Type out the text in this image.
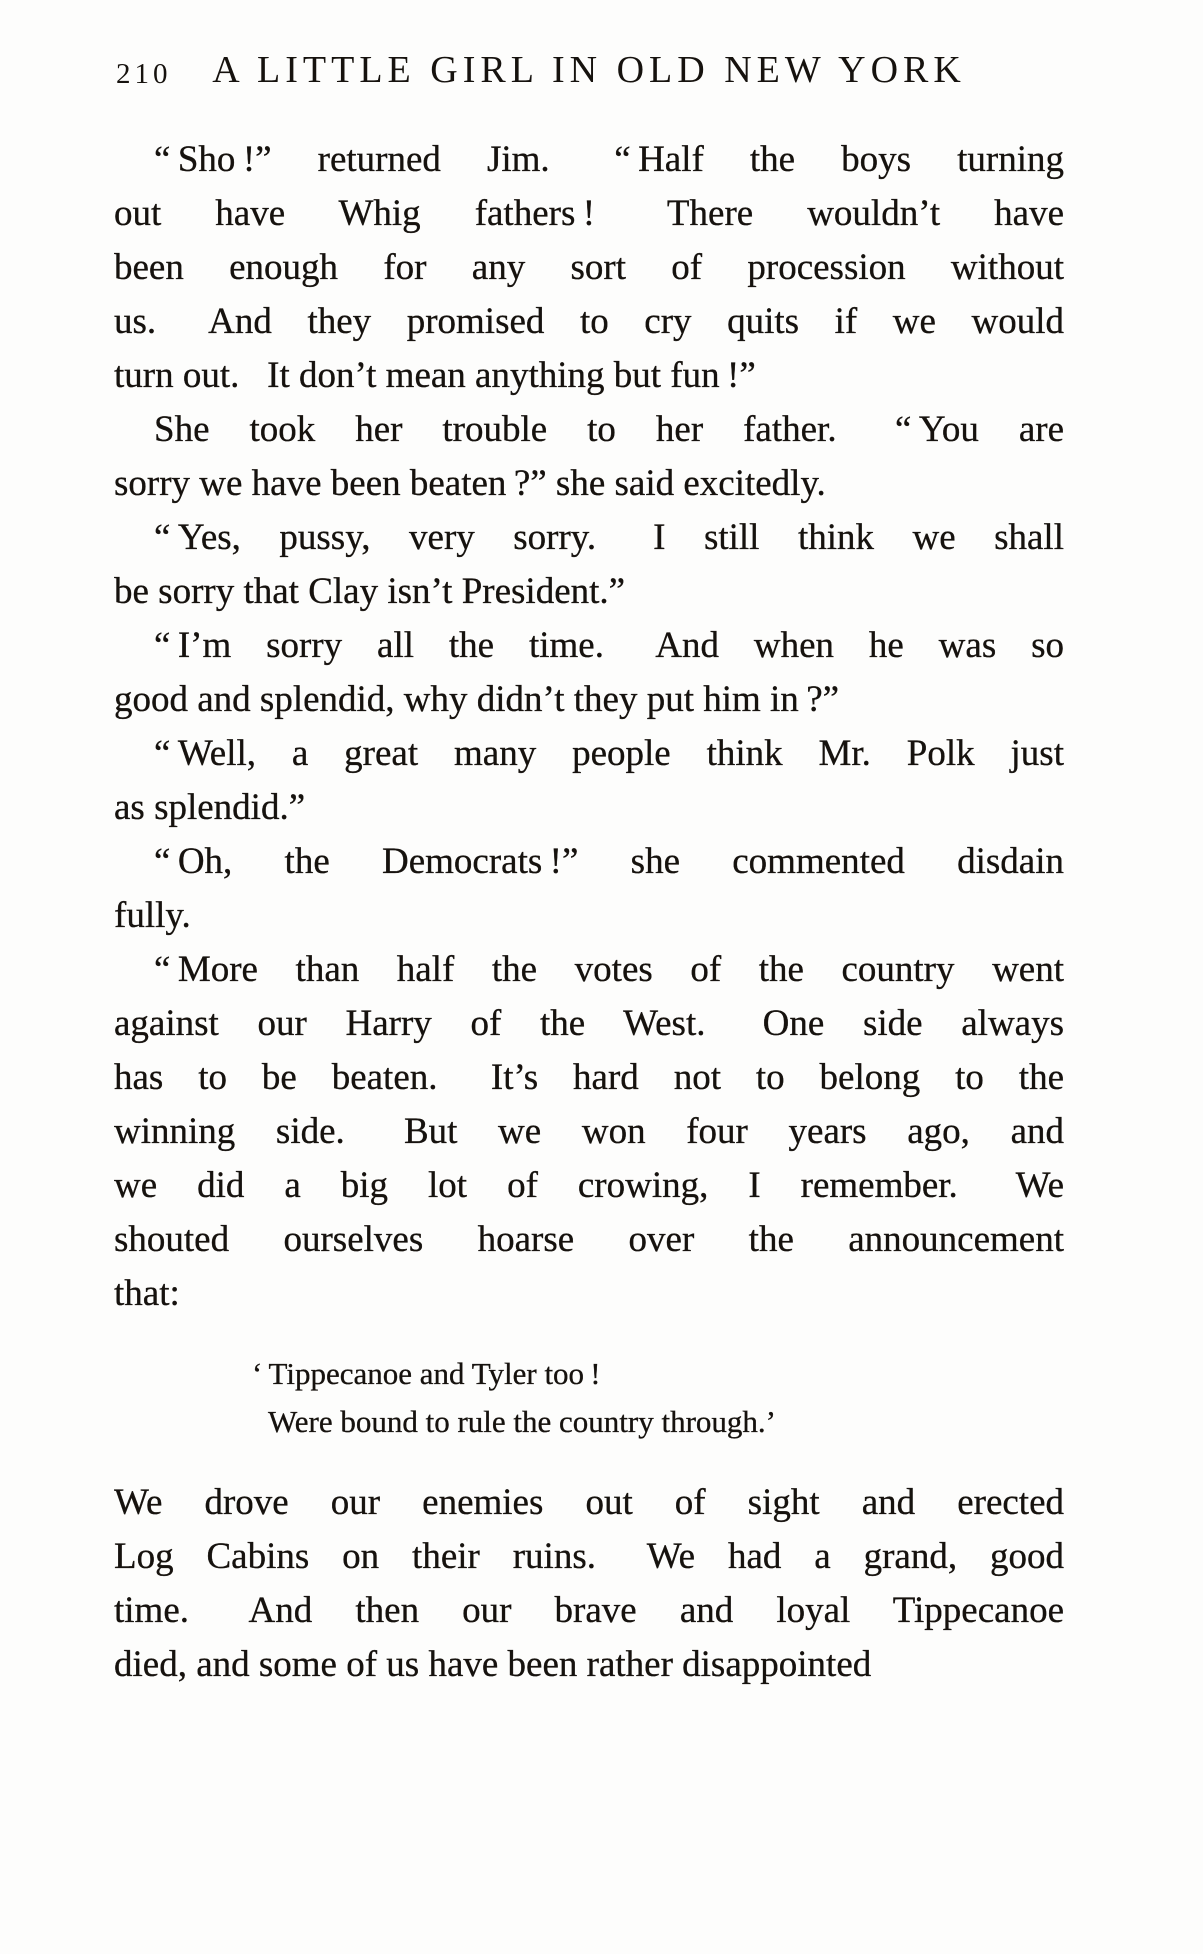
210	A LITTLE GIRL IN OLD NEW YORK
“ Sho !” returned Jim.  “ Half the boys turning
out have Whig fathers !  There wouldn’t have
been enough for any sort of procession without
us.  And they promised to cry quits if we would
turn out.  It don’t mean anything but fun !”
She took her trouble to her father.  “ You are
sorry we have been beaten ?” she said excitedly.
“ Yes, pussy, very sorry.  I still think we shall
be sorry that Clay isn’t President.”
“ I’m sorry all the time.  And when he was so
good and splendid, why didn’t they put him in ?”
“ Well, a great many people think Mr. Polk just
as splendid.”
“ Oh, the Democrats !” she commented disdain
fully.
“ More than half the votes of the country went
against our Harry of the West.  One side always
has to be beaten.  It’s hard not to belong to the
winning side.  But we won four years ago, and
we did a big lot of crowing, I remember.  We
shouted ourselves hoarse over the announcement
that:
‘ Tippecanoe and Tyler too !
Were bound to rule the country through.’
We drove our enemies out of sight and erected
Log Cabins on their ruins.  We had a grand, good
time.  And then our brave and loyal Tippecanoe
died, and some of us have been rather disappointed
